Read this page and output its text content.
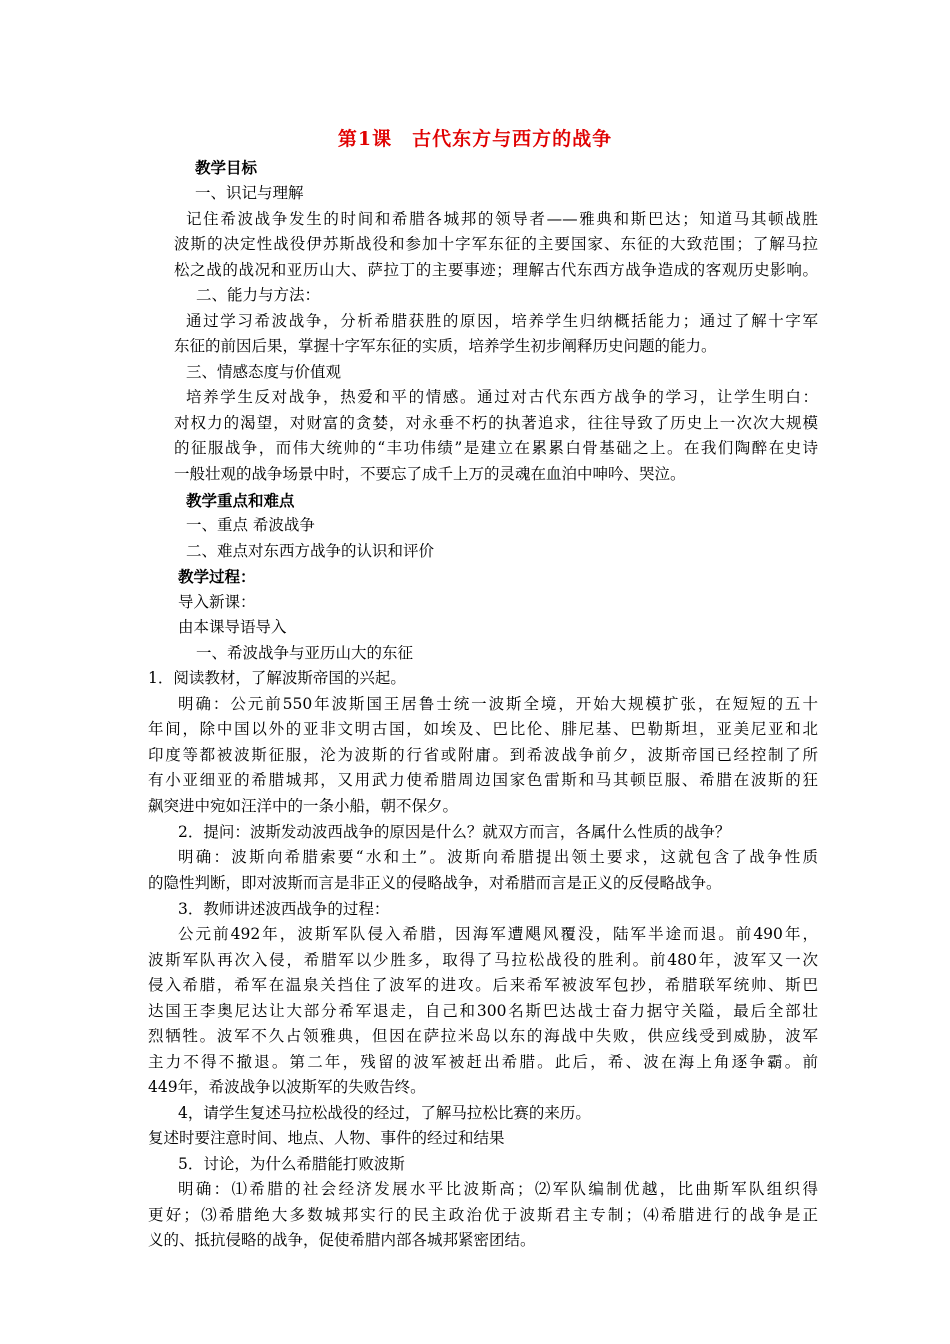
第1课　古代东方与西方的战争
教学目标
一、识记与理解
记住希波战争发生的时间和希腊各城邦的领导者——雅典和斯巴达；知道马其顿战胜
波斯的决定性战役伊苏斯战役和参加十字军东征的主要国家、东征的大致范围；了解马拉
松之战的战况和亚历山大、萨拉丁的主要事迹；理解古代东西方战争造成的客观历史影响。
二、能力与方法：
通过学习希波战争，分析希腊获胜的原因，培养学生归纳概括能力；通过了解十字军
东征的前因后果，掌握十字军东征的实质，培养学生初步阐释历史问题的能力。
三、情感态度与价值观
培养学生反对战争，热爱和平的情感。通过对古代东西方战争的学习，让学生明白：
对权力的渴望，对财富的贪婪，对永垂不朽的执著追求，往往导致了历史上一次次大规模
的征服战争，而伟大统帅的“丰功伟绩”是建立在累累白骨基础之上。在我们陶醉在史诗
一般壮观的战争场景中时，不要忘了成千上万的灵魂在血泊中呻吟、哭泣。
教学重点和难点
一、重点 希波战争
二、难点对东西方战争的认识和评价
教学过程：
导入新课：
由本课导语导入
一、希波战争与亚历山大的东征
1．阅读教材，了解波斯帝国的兴起。
明确：公元前550年波斯国王居鲁士统一波斯全境，开始大规模扩张，在短短的五十
年间，除中国以外的亚非文明古国，如埃及、巴比伦、腓尼基、巴勒斯坦，亚美尼亚和北
印度等都被波斯征服，沦为波斯的行省或附庸。到希波战争前夕，波斯帝国已经控制了所
有小亚细亚的希腊城邦，又用武力使希腊周边国家色雷斯和马其顿臣服、希腊在波斯的狂
飙突进中宛如汪洋中的一条小船，朝不保夕。
2．提问：波斯发动波西战争的原因是什么？就双方而言，各属什么性质的战争？
明确：波斯向希腊索要“水和土”。波斯向希腊提出领土要求，这就包含了战争性质
的隐性判断，即对波斯而言是非正义的侵略战争，对希腊而言是正义的反侵略战争。
3．教师讲述波西战争的过程：
公元前492年，波斯军队侵入希腊，因海军遭飓风覆没，陆军半途而退。前490年，
波斯军队再次入侵，希腊军以少胜多，取得了马拉松战役的胜利。前480年，波军又一次
侵入希腊，希军在温泉关挡住了波军的进攻。后来希军被波军包抄，希腊联军统帅、斯巴
达国王李奥尼达让大部分希军退走，自己和300名斯巴达战士奋力据守关隘，最后全部壮
烈牺牲。波军不久占领雅典，但因在萨拉米岛以东的海战中失败，供应线受到威胁，波军
主力不得不撤退。第二年，残留的波军被赶出希腊。此后，希、波在海上角逐争霸。前
449年，希波战争以波斯军的失败告终。
4，请学生复述马拉松战役的经过，了解马拉松比赛的来历。
复述时要注意时间、地点、人物、事件的经过和结果
5．讨论，为什么希腊能打败波斯
明确：⑴希腊的社会经济发展水平比波斯高；⑵军队编制优越，比曲斯军队组织得
更好；⑶希腊绝大多数城邦实行的民主政治优于波斯君主专制；⑷希腊进行的战争是正
义的、抵抗侵略的战争，促使希腊内部各城邦紧密团结。
